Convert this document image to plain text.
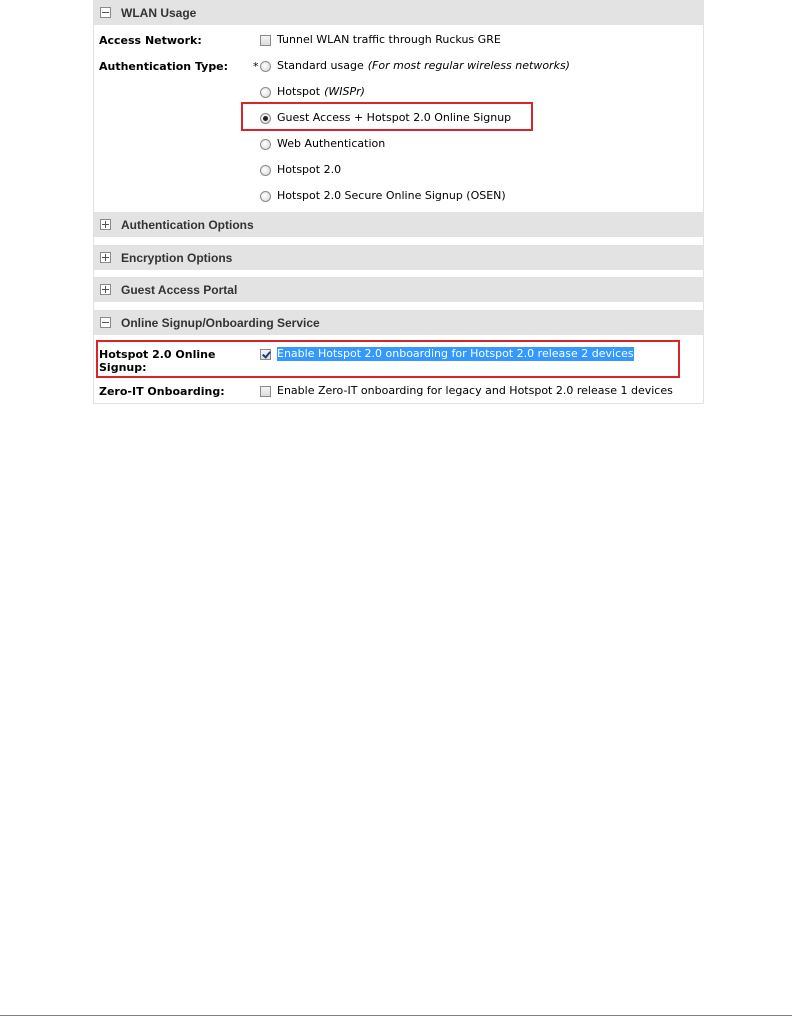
WLAN Usage
Access Network:	Tunnel WLAN traffic through Ruckus GRE
Authentication Type: * Standard usage (For most regular wireless networks)
Hotspot (WISPr)
Guest Access + Hotspot 2.0 Online Signup
Web Authentication
Hotspot 2.0
Hotspot 2.0 Secure Online Signup (OSEN)
Authentication Options
Encryption Options
Guest Access Portal
Online Signup/Onboarding Service
Hotspot 2.0 Online
Signup:
Enable Hotspot 2.0 onboarding for Hotspot 2.0 release 2 devices
Zero-IT Onboarding:	Enable Zero-IT onboarding for legacy and Hotspot 2.0 release 1 devices
